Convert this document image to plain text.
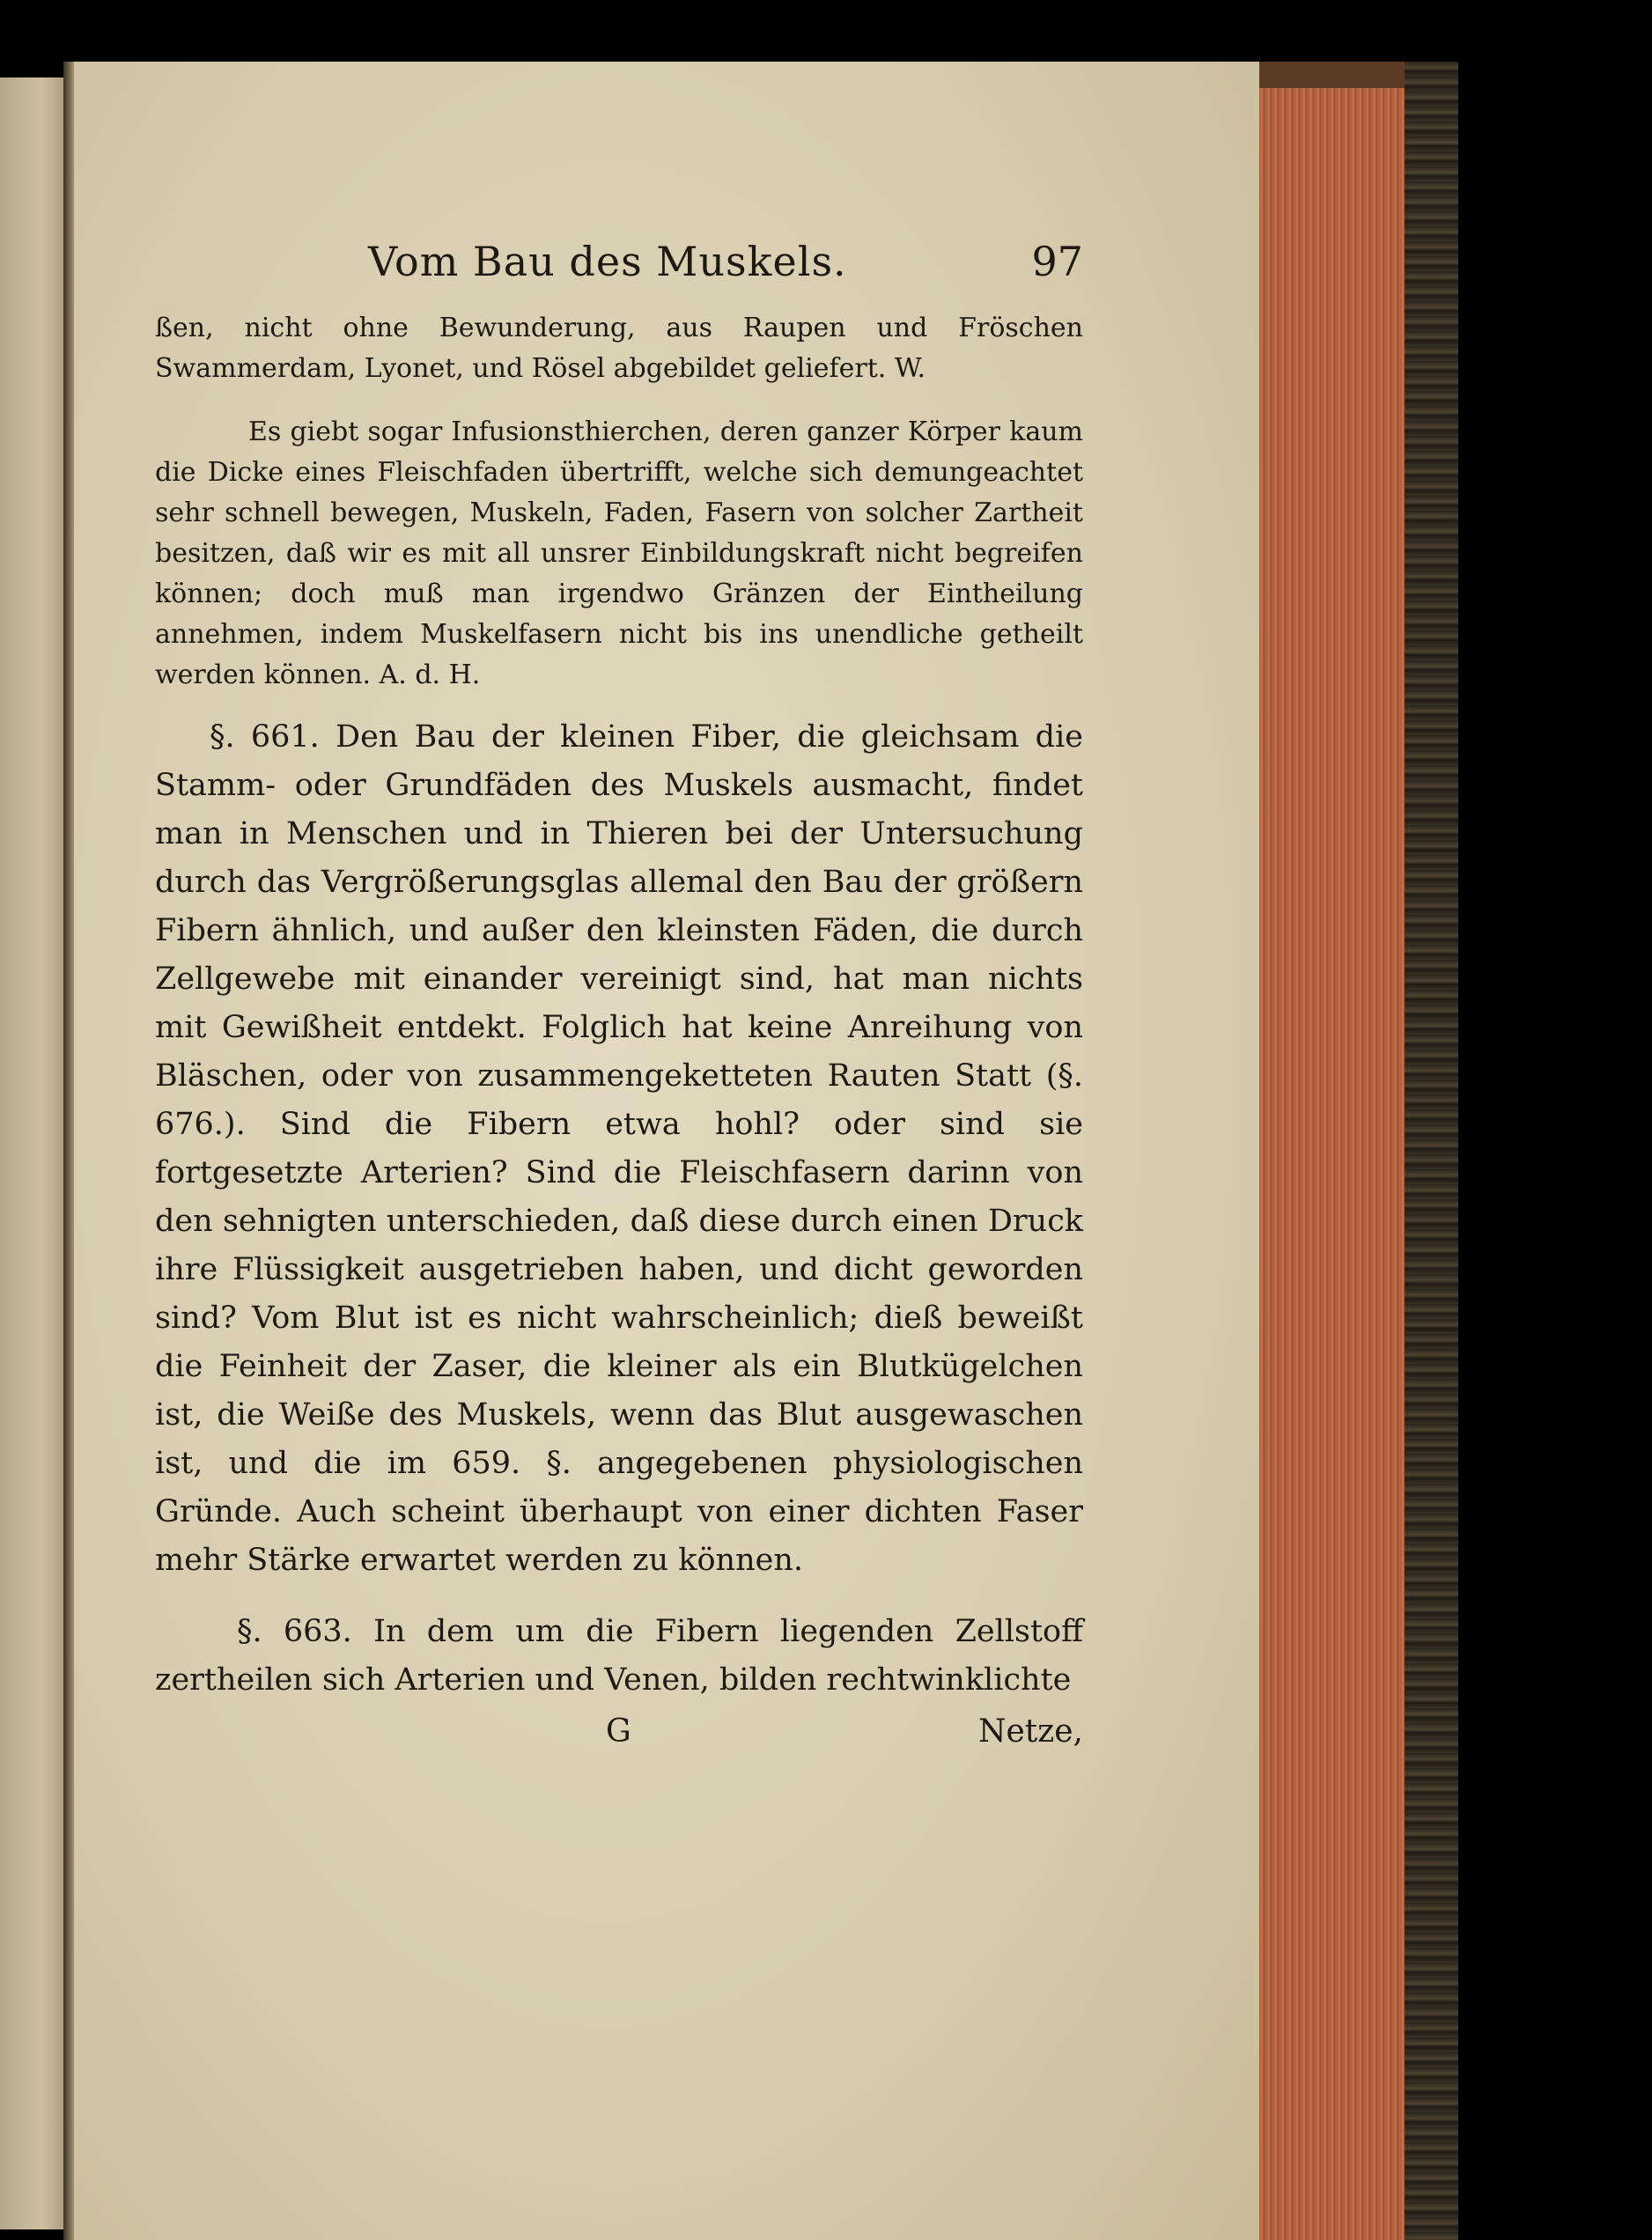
Vom Bau des Muskels.	97

ßen, nicht ohne Bewunderung, aus Raupen und Fröschen Swammerdam, Lyonet, und Rösel abgebildet geliefert. W.

Es giebt sogar Infusionsthierchen, deren ganzer Körper kaum die Dicke eines Fleischfaden übertrifft, welche sich demungeachtet sehr schnell bewegen, Muskeln, Faden, Fasern von solcher Zartheit besitzen, daß wir es mit all unsrer Einbildungskraft nicht begreifen können; doch muß man irgendwo Gränzen der Eintheilung annehmen, indem Muskelfasern nicht bis ins unendliche getheilt werden können. A. d. H.

§. 661. Den Bau der kleinen Fiber, die gleichsam die Stamm- oder Grundfäden des Muskels ausmacht, findet man in Menschen und in Thieren bei der Untersuchung durch das Vergrößerungsglas allemal den Bau der größern Fibern ähnlich, und außer den kleinsten Fäden, die durch Zellgewebe mit einander vereinigt sind, hat man nichts mit Gewißheit entdekt. Folglich hat keine Anreihung von Bläschen, oder von zusammengeketteten Rauten Statt (§. 676.). Sind die Fibern etwa hohl? oder sind sie fortgesetzte Arterien? Sind die Fleischfasern darinn von den sehnigten unterschieden, daß diese durch einen Druck ihre Flüssigkeit ausgetrieben haben, und dicht geworden sind? Vom Blut ist es nicht wahrscheinlich; dieß beweißt die Feinheit der Zaser, die kleiner als ein Blutkügelchen ist, die Weiße des Muskels, wenn das Blut ausgewaschen ist, und die im 659. §. angegebenen physiologischen Gründe. Auch scheint überhaupt von einer dichten Faser mehr Stärke erwartet werden zu können.

§. 663. In dem um die Fibern liegenden Zellstoff zertheilen sich Arterien und Venen, bilden rechtwinklichte

G	Netze,
